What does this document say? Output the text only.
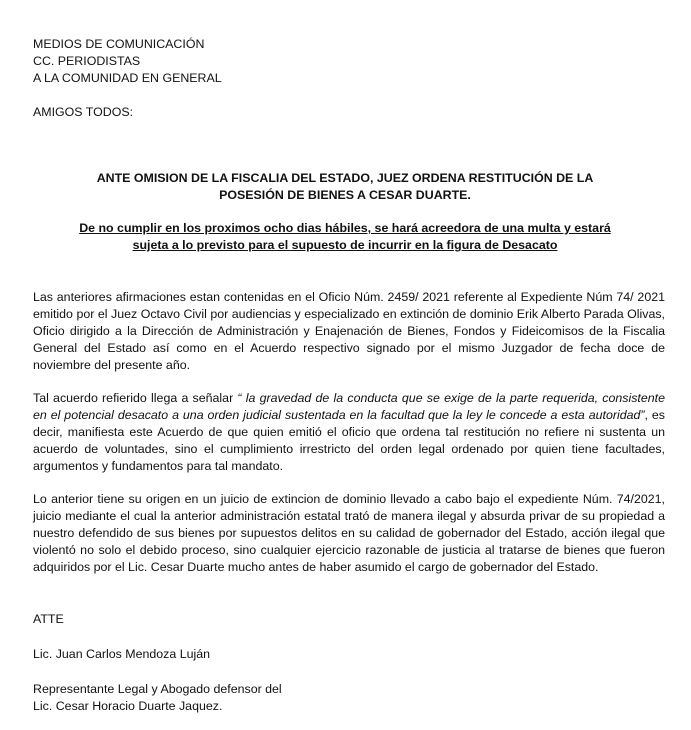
MEDIOS DE COMUNICACIÓN
CC. PERIODISTAS
A LA COMUNIDAD EN GENERAL
AMIGOS TODOS:
ANTE OMISION DE LA FISCALIA DEL ESTADO, JUEZ ORDENA RESTITUCIÓN DE LA
POSESIÓN DE BIENES A CESAR DUARTE.
De no cumplir en los proximos ocho dias hábiles, se hará acreedora de una multa y estará
sujeta a lo previsto para el supuesto de incurrir en la figura de Desacato
Las anteriores afirmaciones estan contenidas en el Oficio Núm. 2459/ 2021 referente al Expediente Núm 74/ 2021 emitido por el Juez Octavo Civil por audiencias y especializado en extinción de dominio Erik Alberto Parada Olivas, Oficio dirigido a la Dirección de Administración y Enajenación de Bienes, Fondos y Fideicomisos de la Fiscalia General del Estado así como en el Acuerdo respectivo signado por el mismo Juzgador de fecha doce de noviembre del presente año.
Tal acuerdo refierido llega a señalar “ la gravedad de la conducta que se exige de la parte requerida, consistente en el potencial desacato a una orden judicial sustentada en la facultad que la ley le concede a esta autoridad”, es decir, manifiesta este Acuerdo de que quien emitió el oficio que ordena tal restitución no refiere ni sustenta un acuerdo de voluntades, sino el cumplimiento irrestricto del orden legal ordenado por quien tiene facultades, argumentos y fundamentos para tal mandato.
Lo anterior tiene su origen en un juicio de extincion de dominio llevado a cabo bajo el expediente Núm. 74/2021, juicio mediante el cual la anterior administración estatal trató de manera ilegal y absurda privar de su propiedad a nuestro defendido de sus bienes por supuestos delitos en su calidad de gobernador del Estado, acción ilegal que violentó no solo el debido proceso, sino cualquier ejercicio razonable de justicia al tratarse de bienes que fueron adquiridos por el Lic. Cesar Duarte mucho antes de haber asumido el cargo de gobernador del Estado.
ATTE
Lic. Juan Carlos Mendoza Luján
Representante Legal y Abogado defensor del
Lic. Cesar Horacio Duarte Jaquez.
